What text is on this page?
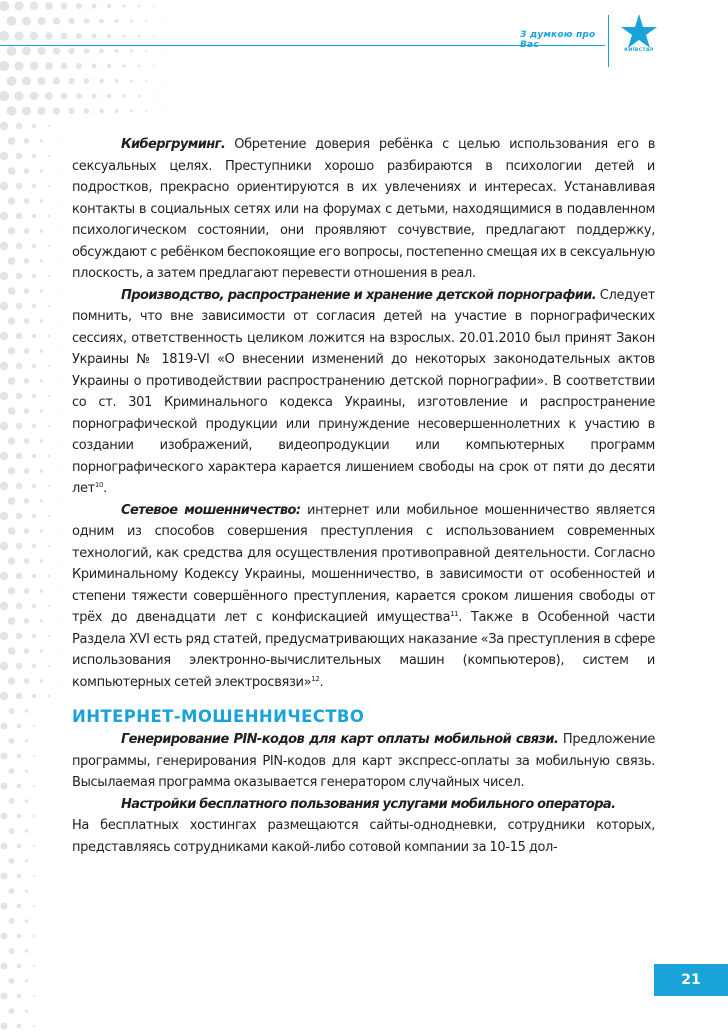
З думкою про Вас
КИЇВСТАР

Кибергруминг. Обретение доверия ребёнка с целью использования его в сексуальных целях. Преступники хорошо разбираются в психологии детей и подростков, прекрасно ориентируются в их увлечениях и интересах. Устанавливая контакты в социальных сетях или на форумах с детьми, находящимися в подавленном психологическом состоянии, они проявляют сочувствие, предлагают поддержку, обсуждают с ребёнком беспокоящие его вопросы, постепенно смещая их в сексуальную плоскость, а затем предлагают перевести отношения в реал.

Производство, распространение и хранение детской порнографии. Следует помнить, что вне зависимости от согласия детей на участие в порнографических сессиях, ответственность целиком ложится на взрослых. 20.01.2010 был принят Закон Украины № 1819-VI «О внесении изменений до некоторых законодательных актов Украины о противодействии распространению детской порнографии». В соответствии со ст. 301 Криминального кодекса Украины, изготовление и распространение порнографической продукции или принуждение несовершеннолетних к участию в создании изображений, видеопродукции или компьютерных программ порнографического характера карается лишением свободы на срок от пяти до десяти лет$^{10}$.

Сетевое мошенничество: интернет или мобильное мошенничество является одним из способов совершения преступления с использованием современных технологий, как средства для осуществления противоправной деятельности. Согласно Криминальному Кодексу Украины, мошенничество, в зависимости от особенностей и степени тяжести совершённого преступления, карается сроком лишения свободы от трёх до двенадцати лет с конфискацией имущества$^{11}$. Также в Особенной части Раздела XVI есть ряд статей, предусматривающих наказание «За преступления в сфере использования электронно-вычислительных машин (компьютеров), систем и компьютерных сетей электросвязи»$^{12}$.

ИНТЕРНЕТ-МОШЕННИЧЕСТВО

Генерирование PIN-кодов для карт оплаты мобильной связи. Предложение программы, генерирования PIN-кодов для карт экспресс-оплаты за мобильную связь. Высылаемая программа оказывается генератором случайных чисел.

Настройки бесплатного пользования услугами мобильного оператора.

На бесплатных хостингах размещаются сайты-однодневки, сотрудники которых, представляясь сотрудниками какой-либо сотовой компании за 10-15 дол-

21
